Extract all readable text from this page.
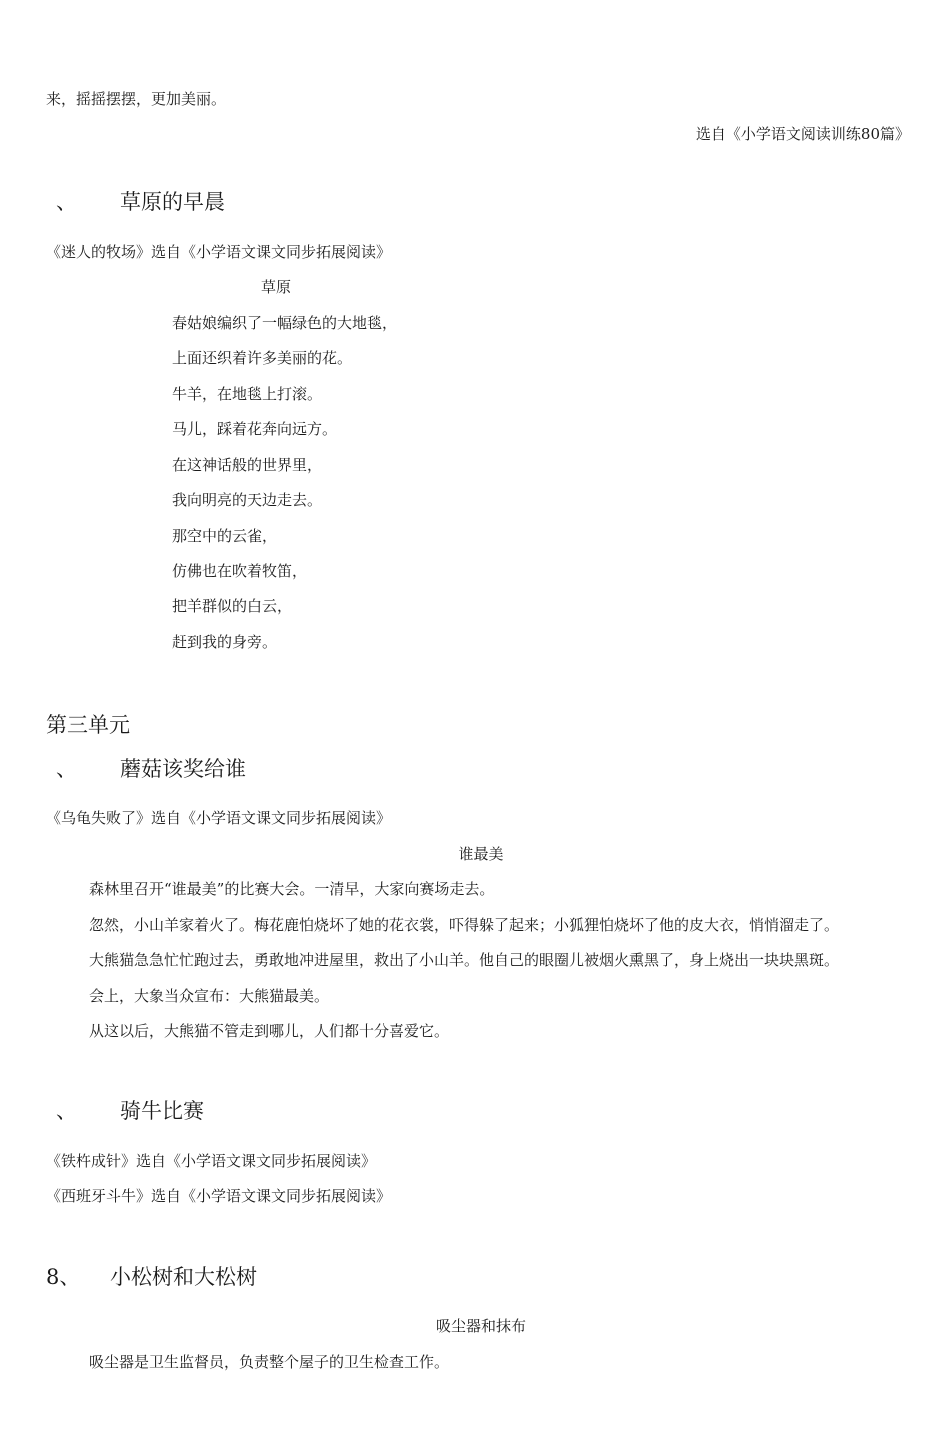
来，摇摇摆摆，更加美丽。
选自《小学语文阅读训练80篇》
、 草原的早晨
《迷人的牧场》选自《小学语文课文同步拓展阅读》
草原
春姑娘编织了一幅绿色的大地毯，
上面还织着许多美丽的花。
牛羊，在地毯上打滚。
马儿，踩着花奔向远方。
在这神话般的世界里，
我向明亮的天边走去。
那空中的云雀，
仿佛也在吹着牧笛，
把羊群似的白云，
赶到我的身旁。
第三单元
、 蘑菇该奖给谁
《乌龟失败了》选自《小学语文课文同步拓展阅读》
谁最美
森林里召开“谁最美”的比赛大会。一清早，大家向赛场走去。
忽然，小山羊家着火了。梅花鹿怕烧坏了她的花衣裳，吓得躲了起来；小狐狸怕烧坏了他的皮大衣，悄悄溜走了。
大熊猫急急忙忙跑过去，勇敢地冲进屋里，救出了小山羊。他自己的眼圈儿被烟火熏黑了，身上烧出一块块黑斑。
会上，大象当众宣布：大熊猫最美。
从这以后，大熊猫不管走到哪儿，人们都十分喜爱它。
、 骑牛比赛
《铁杵成针》选自《小学语文课文同步拓展阅读》
《西班牙斗牛》选自《小学语文课文同步拓展阅读》
8、 小松树和大松树
吸尘器和抹布
吸尘器是卫生监督员，负责整个屋子的卫生检查工作。
